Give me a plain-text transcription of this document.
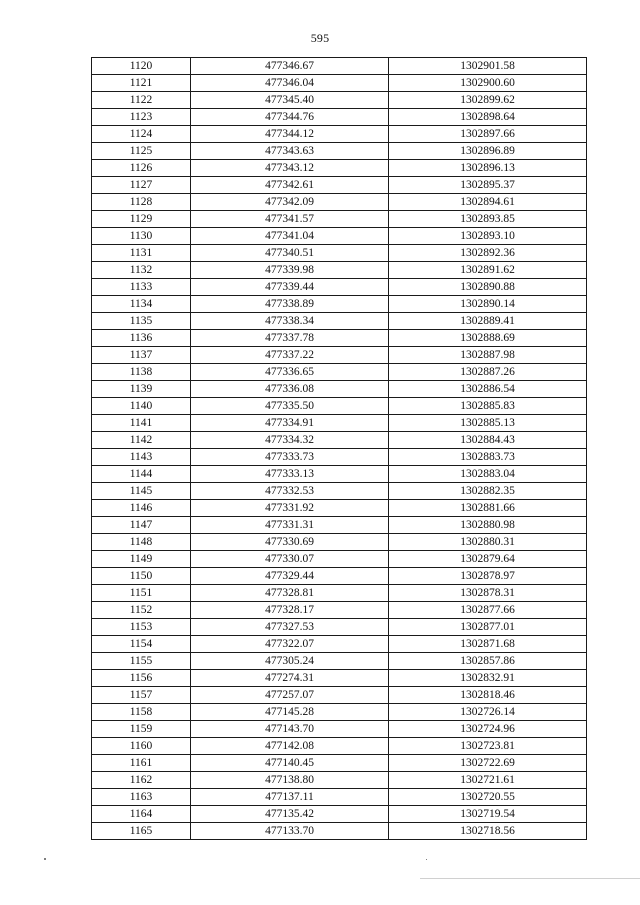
595
1120	477346.67	1302901.58
1121	477346.04	1302900.60
1122	477345.40	1302899.62
1123	477344.76	1302898.64
1124	477344.12	1302897.66
1125	477343.63	1302896.89
1126	477343.12	1302896.13
1127	477342.61	1302895.37
1128	477342.09	1302894.61
1129	477341.57	1302893.85
1130	477341.04	1302893.10
1131	477340.51	1302892.36
1132	477339.98	1302891.62
1133	477339.44	1302890.88
1134	477338.89	1302890.14
1135	477338.34	1302889.41
1136	477337.78	1302888.69
1137	477337.22	1302887.98
1138	477336.65	1302887.26
1139	477336.08	1302886.54
1140	477335.50	1302885.83
1141	477334.91	1302885.13
1142	477334.32	1302884.43
1143	477333.73	1302883.73
1144	477333.13	1302883.04
1145	477332.53	1302882.35
1146	477331.92	1302881.66
1147	477331.31	1302880.98
1148	477330.69	1302880.31
1149	477330.07	1302879.64
1150	477329.44	1302878.97
1151	477328.81	1302878.31
1152	477328.17	1302877.66
1153	477327.53	1302877.01
1154	477322.07	1302871.68
1155	477305.24	1302857.86
1156	477274.31	1302832.91
1157	477257.07	1302818.46
1158	477145.28	1302726.14
1159	477143.70	1302724.96
1160	477142.08	1302723.81
1161	477140.45	1302722.69
1162	477138.80	1302721.61
1163	477137.11	1302720.55
1164	477135.42	1302719.54
1165	477133.70	1302718.56
